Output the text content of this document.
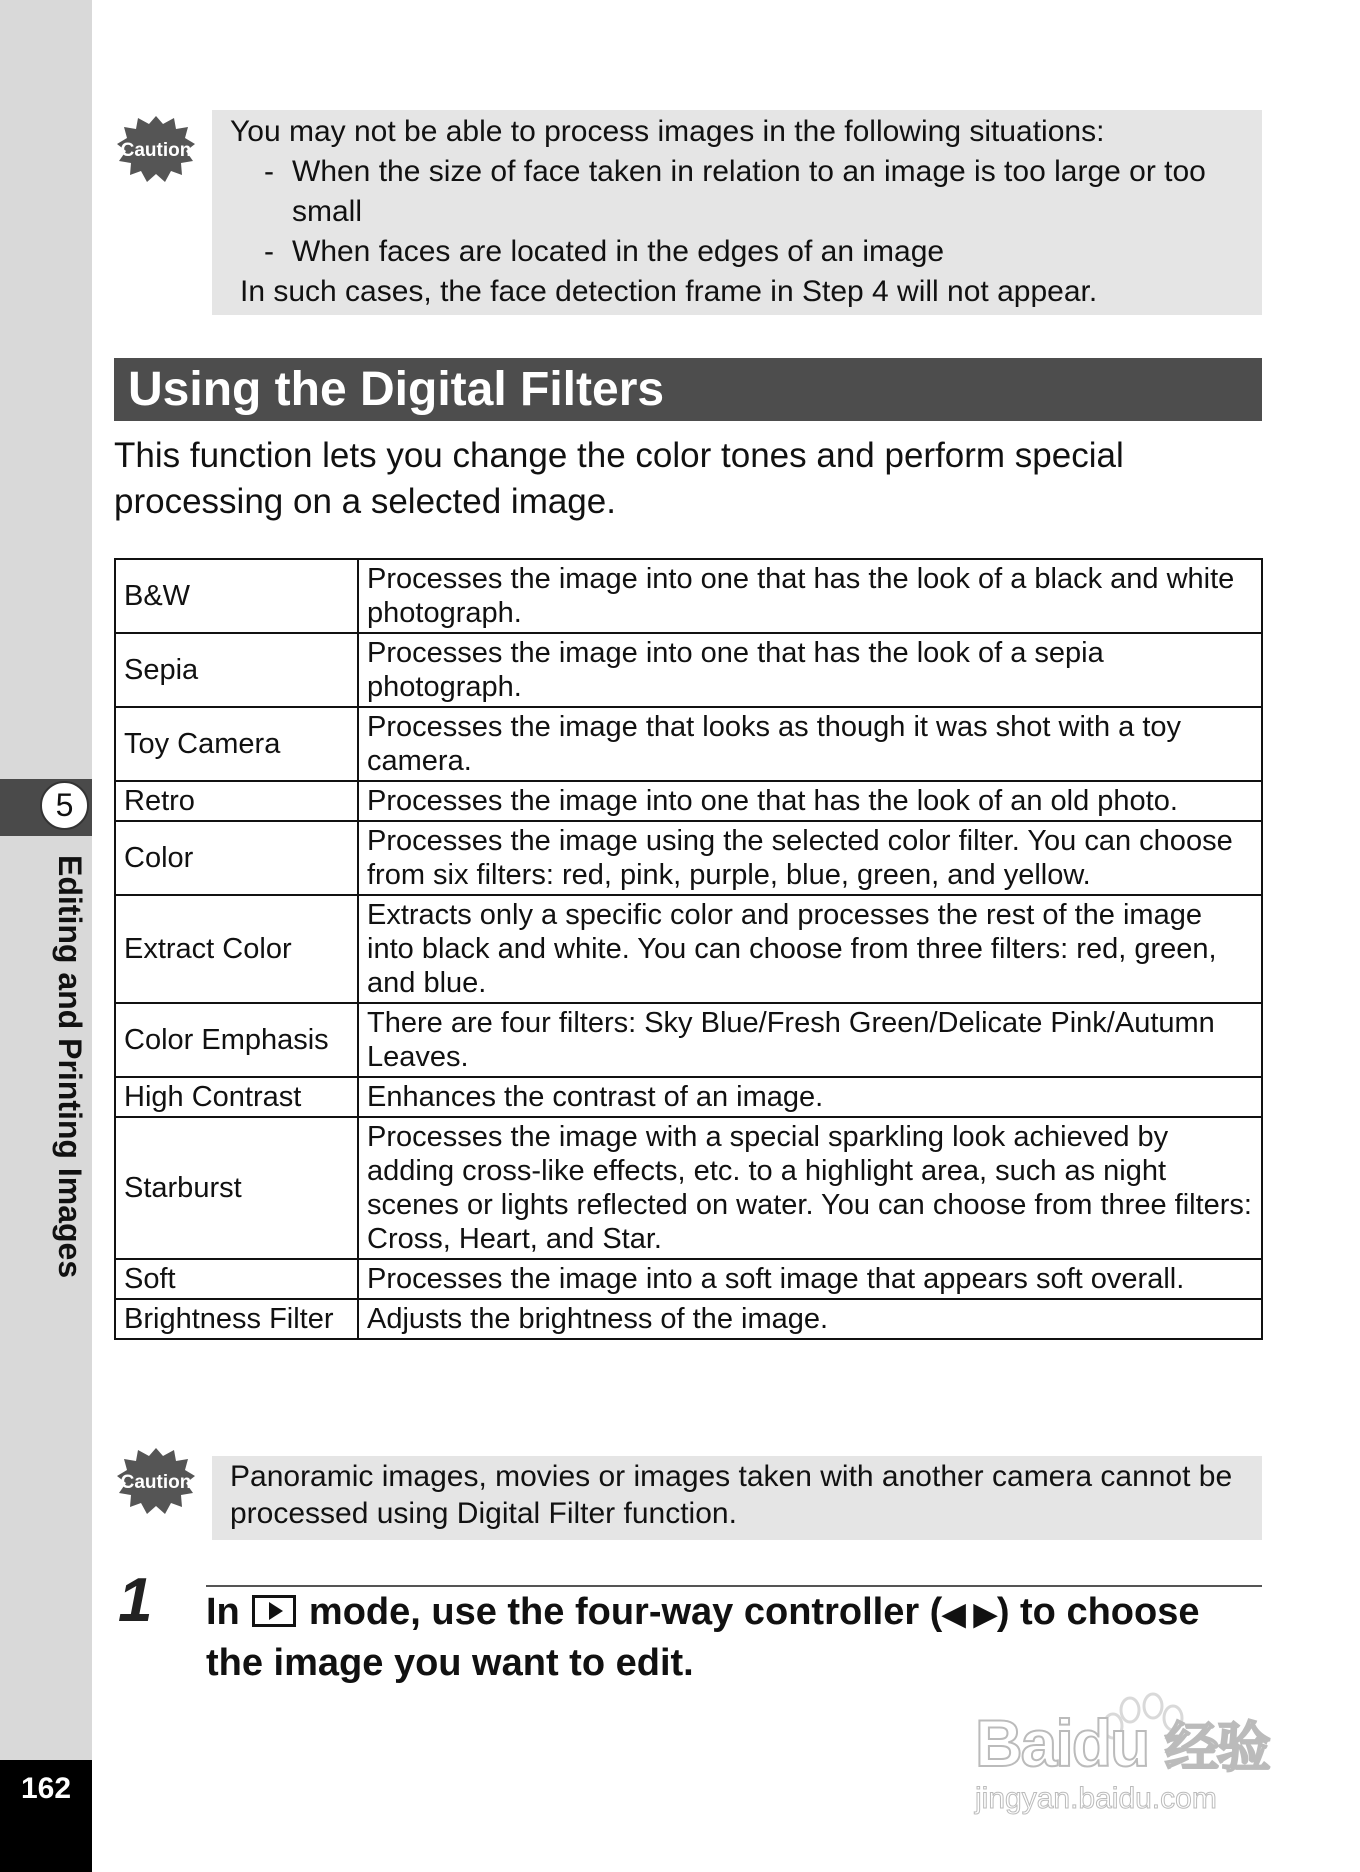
5
Editing and Printing Images
162
Caution
You may not be able to process images in the following situations:
- When the size of face taken in relation to an image is too large or too small
- When faces are located in the edges of an image
In such cases, the face detection frame in Step 4 will not appear.
Using the Digital Filters
This function lets you change the color tones and perform special processing on a selected image.
B&W	Processes the image into one that has the look of a black and white photograph.
Sepia	Processes the image into one that has the look of a sepia photograph.
Toy Camera	Processes the image that looks as though it was shot with a toy camera.
Retro	Processes the image into one that has the look of an old photo.
Color	Processes the image using the selected color filter. You can choose from six filters: red, pink, purple, blue, green, and yellow.
Extract Color	Extracts only a specific color and processes the rest of the image into black and white. You can choose from three filters: red, green, and blue.
Color Emphasis	There are four filters: Sky Blue/Fresh Green/Delicate Pink/Autumn Leaves.
High Contrast	Enhances the contrast of an image.
Starburst	Processes the image with a special sparkling look achieved by adding cross-like effects, etc. to a highlight area, such as night scenes or lights reflected on water. You can choose from three filters: Cross, Heart, and Star.
Soft	Processes the image into a soft image that appears soft overall.
Brightness Filter	Adjusts the brightness of the image.
Caution Panoramic images, movies or images taken with another camera cannot be processed using Digital Filter function.
1 In mode, use the four-way controller (◀ ▶) to choose the image you want to edit.
Baidu 经验
jingyan.baidu.com
